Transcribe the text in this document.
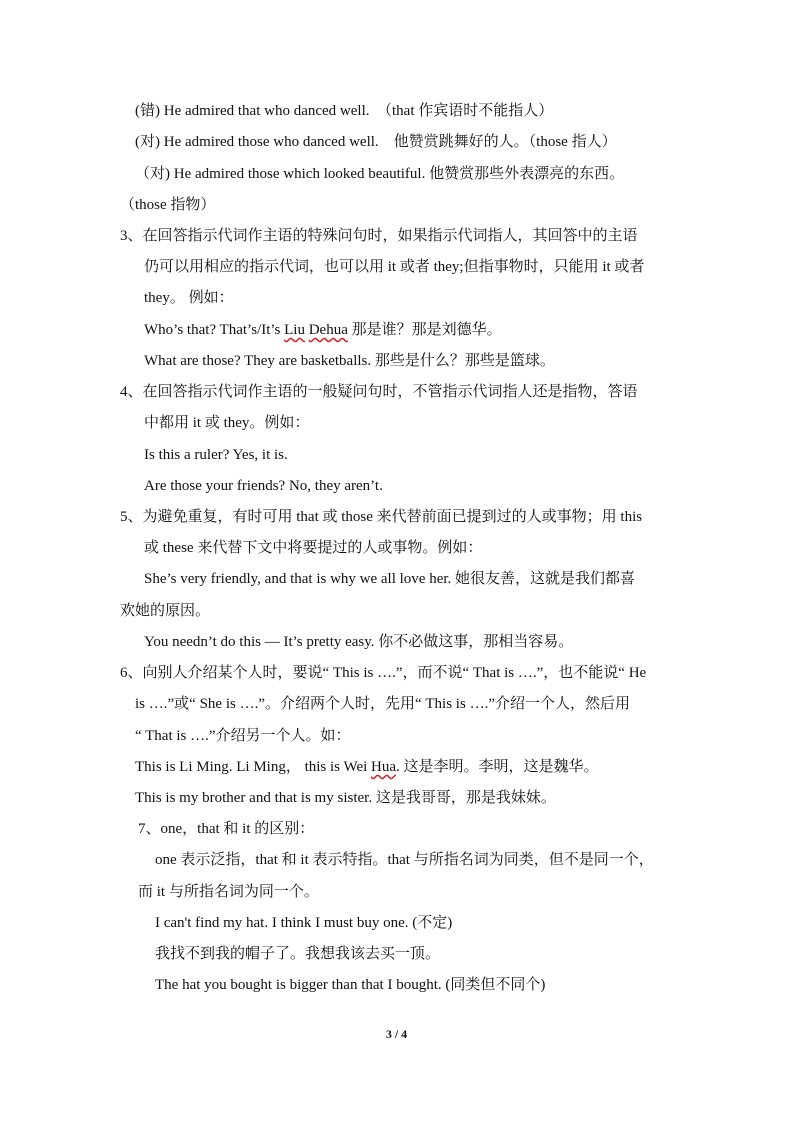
(错) He admired that who danced well.　（that 作宾语时不能指人）
(对) He admired those who danced well.　他赞赏跳舞好的人。（those 指人）
（对) He admired those which looked beautiful. 他赞赏那些外表漂亮的东西。
（those 指物）
3、在回答指示代词作主语的特殊问句时，如果指示代词指人，其回答中的主语
仍可以用相应的指示代词，也可以用 it 或者 they;但指事物时，只能用 it 或者
they。 例如：
Who’s that? That’s/It’s Liu Dehua 那是谁？那是刘德华。
What are those? They are basketballs. 那些是什么？那些是篮球。
4、在回答指示代词作主语的一般疑问句时，不管指示代词指人还是指物，答语
中都用 it 或 they。例如：
Is this a ruler? Yes, it is.
Are those your friends? No, they aren’t.
5、为避免重复，有时可用 that 或 those 来代替前面已提到过的人或事物；用 this
或 these 来代替下文中将要提过的人或事物。例如：
She’s very friendly, and that is why we all love her. 她很友善，这就是我们都喜
欢她的原因。
You needn’t do this — It’s pretty easy. 你不必做这事，那相当容易。
6、向别人介绍某个人时，要说“ This is ….”，而不说“ That is ….”，也不能说“ He
is ….”或“ She is ….”。介绍两个人时，先用“ This is ….”介绍一个人，然后用
“ That is ….”介绍另一个人。如：
This is Li Ming. Li Ming， this is Wei Hua. 这是李明。李明，这是魏华。
This is my brother and that is my sister. 这是我哥哥，那是我妹妹。
7、one，that 和 it 的区别：
one 表示泛指，that 和 it 表示特指。that 与所指名词为同类，但不是同一个，
而 it 与所指名词为同一个。
I can't find my hat. I think I must buy one. (不定)
我找不到我的帽子了。我想我该去买一顶。
The hat you bought is bigger than that I bought. (同类但不同个)
3 / 4
